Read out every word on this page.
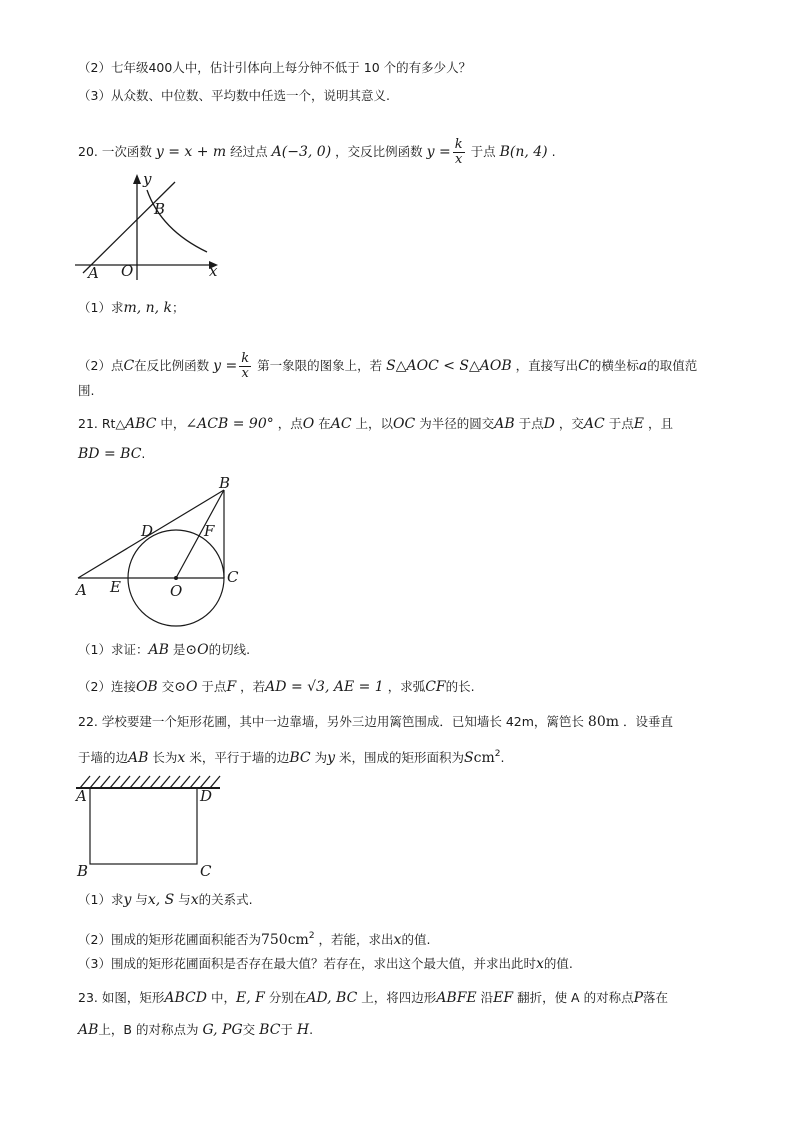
（2）七年级400人中，估计引体向上每分钟不低于 10 个的有多少人？
（3）从众数、中位数、平均数中任选一个，说明其意义.
20. 一次函数 y = x + m 经过点 A(−3, 0) ，交反比例函数 $y = \frac{k}{x}$ 于点 B(n, 4) .
y
B
A O	x
（1）求m, n, k；
（2）点C在反比例函数 $y = \frac{k}{x}$ 第一象限的图象上，若 S△AOC < S△AOB ，直接写出C的横坐标a的取值范
围.
21. Rt△ABC 中，∠ACB = 90° ，点O 在AC 上，以OC 为半径的圆交AB 于点D ，交AC 于点E ，且
BD = BC.
B
D	F
A E	O
C
（1）求证：AB 是⊙O的切线.
（2）连接OB 交⊙O 于点F ，若AD = √3, AE = 1 ，求弧CF的长.
22. 学校要建一个矩形花圃，其中一边靠墙，另外三边用篱笆围成．已知墙长 42m，篱笆长 80m ．设垂直
于墙的边AB 长为x 米，平行于墙的边BC 为y 米，围成的矩形面积为Scm$^2$.
A	D
B	C
（1）求y 与x, S 与x的关系式.
（2）围成的矩形花圃面积能否为$750cm^2$ ，若能，求出x的值.
（3）围成的矩形花圃面积是否存在最大值？若存在，求出这个最大值，并求出此时x的值.
23. 如图，矩形ABCD 中，E, F 分别在AD, BC 上，将四边形ABFE 沿EF 翻折，使 A 的对称点P落在
AB上，B 的对称点为 G, PG交 BC于 H.
